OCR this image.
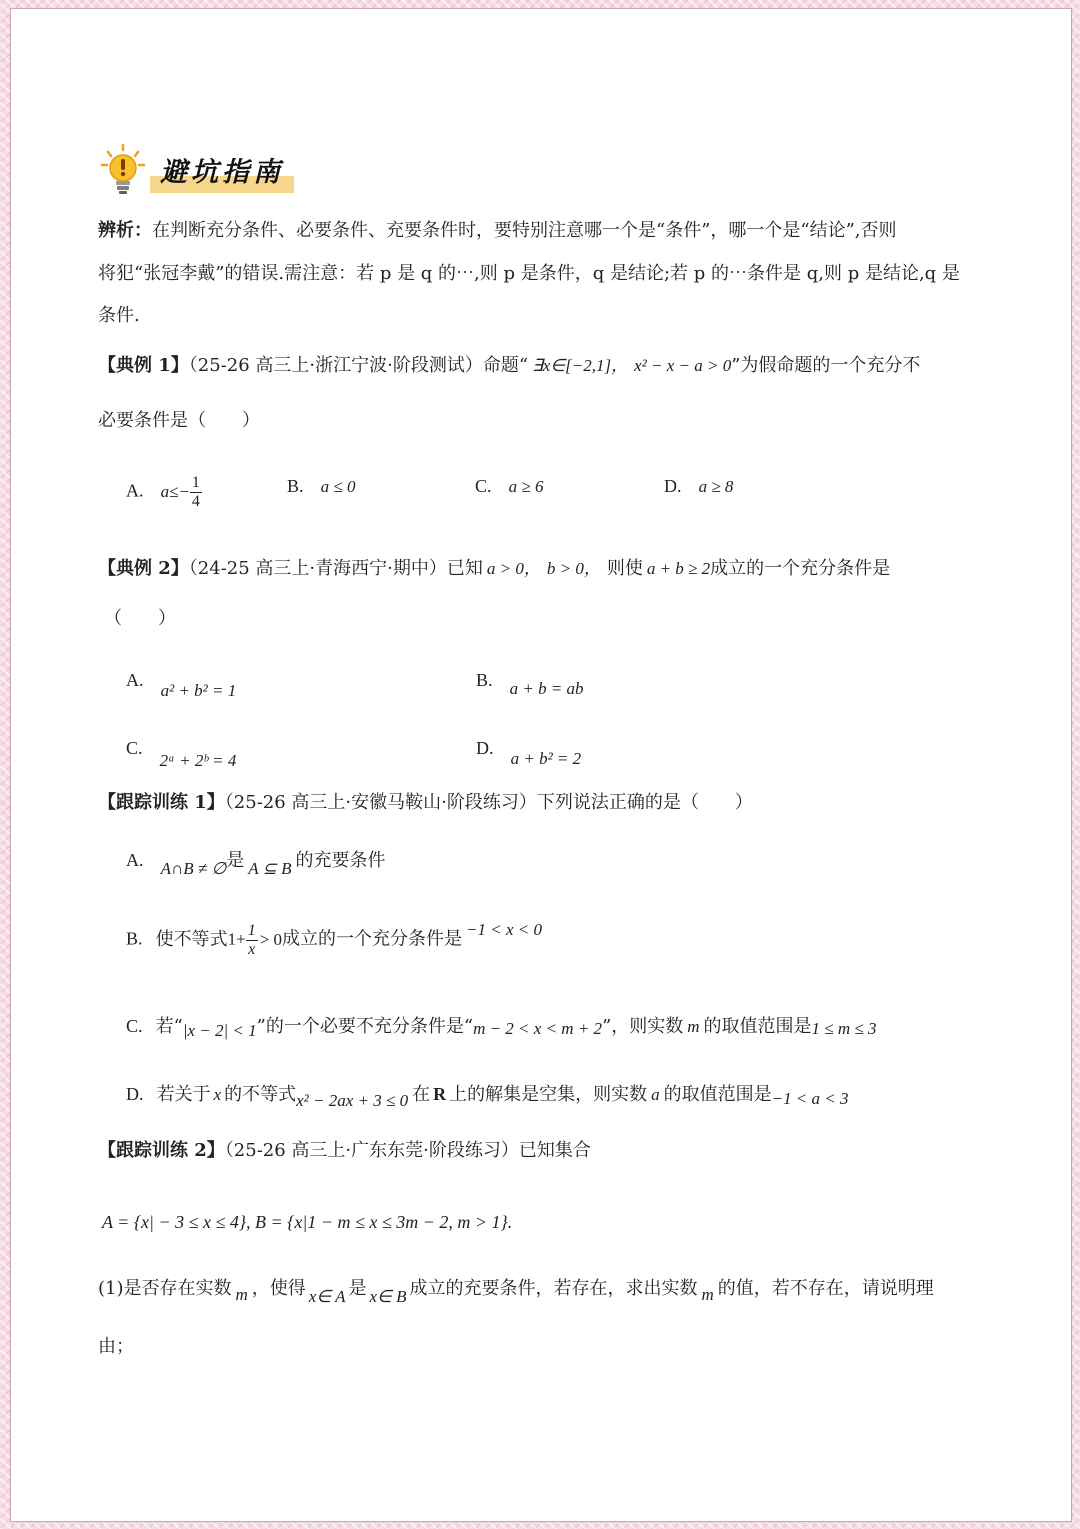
避坑指南
辨析：在判断充分条件、必要条件、充要条件时，要特别注意哪一个是“条件”，哪一个是“结论”,否则
将犯“张冠李戴”的错误.需注意：若 p 是 q 的⋯,则 p 是条件，q 是结论;若 p 的⋯条件是 q,则 p 是结论,q 是
条件.
【典例 1】（25-26 高三上·浙江宁波·阶段测试）命题“ ∃x∈[−2,1]， x² − x − a > 0”为假命题的一个充分不
必要条件是（　　）
A. $a\le- \frac{1}{4}$	B. a ≤ 0	C. a ≥ 6	D. a ≥ 8
【典例 2】（24-25 高三上·青海西宁·期中）已知 a > 0， b > 0， 则使 a + b ≥ 2成立的一个充分条件是
（　　）
A. a² + b² = 1
B. a + b = ab
C. 2ᵃ + 2ᵇ = 4
D. a + b² = 2
【跟踪训练 1】（25-26 高三上·安徽马鞍山·阶段练习）下列说法正确的是（　　）
A. A∩B ≠ ∅是 A ⊆ B 的充要条件
B. 使不等式$1+ \frac{1}{x} > 0$成立的一个充分条件是 −1 < x < 0
C. 若“|x − 2| < 1”的一个必要不充分条件是“m − 2 < x < m + 2”，则实数 m 的取值范围是1 ≤ m ≤ 3
D. 若关于 x 的不等式x² − 2ax + 3 ≤ 0 在 R 上的解集是空集，则实数 a 的取值范围是−1 < a < 3
【跟踪训练 2】（25-26 高三上·广东东莞·阶段练习）已知集合
A = {x| − 3 ≤ x ≤ 4}, B = {x|1 − m ≤ x ≤ 3m − 2, m > 1}.
(1)是否存在实数 m ，使得 x∈ A 是 x∈ B 成立的充要条件，若存在，求出实数 m 的值，若不存在，请说明理
由；
